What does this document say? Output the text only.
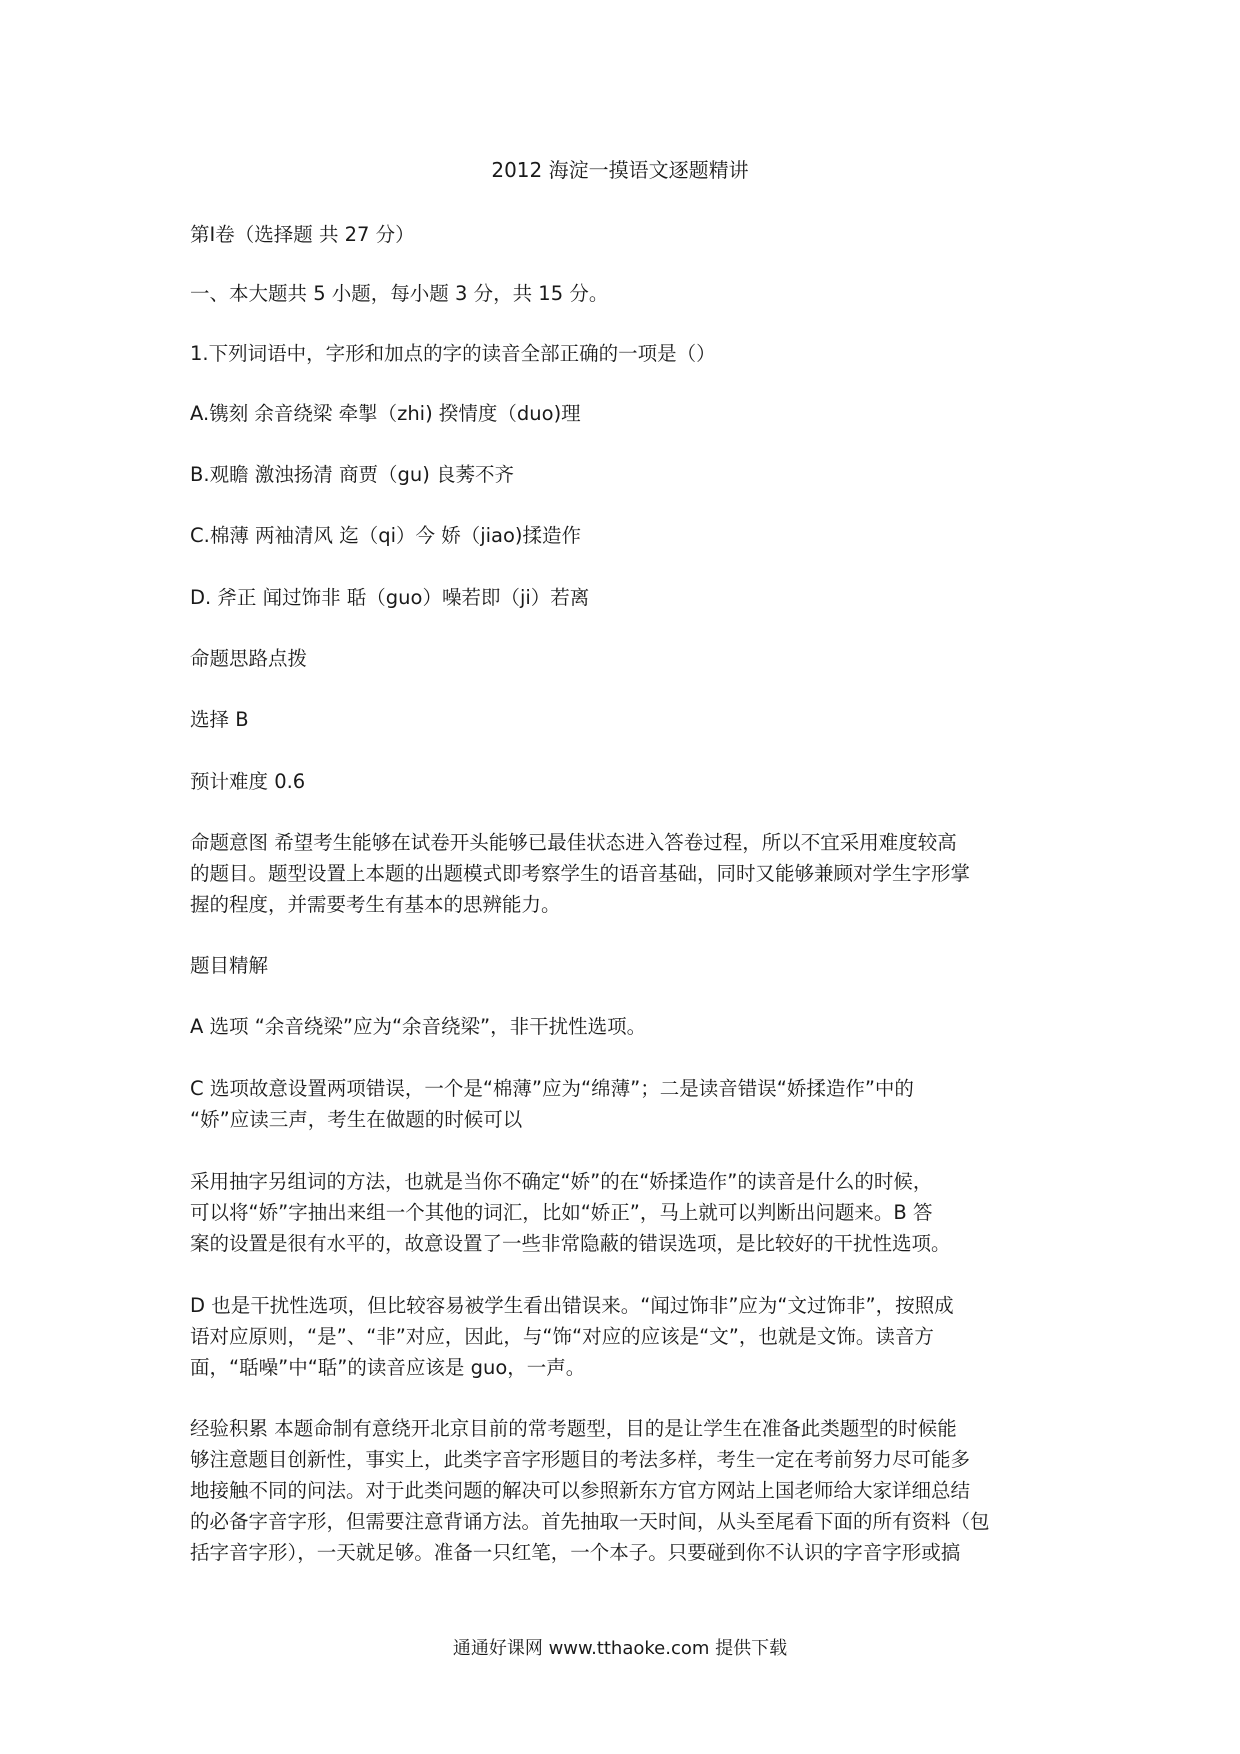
2012 海淀一摸语文逐题精讲
第Ⅰ卷（选择题 共 27 分）
一、本大题共 5 小题，每小题 3 分，共 15 分。
1.下列词语中，字形和加点的字的读音全部正确的一项是（）
A.镌刻 余音绕梁 牵掣（zhi) 揆情度（duo)理
B.观瞻 激浊扬清 商贾（gu) 良莠不齐
C.棉薄 两袖清风 迄（qi）今 娇（jiao)揉造作
D. 斧正 闻过饰非 聒（guo）噪若即（ji）若离
命题思路点拨
选择 B
预计难度 0.6
命题意图 希望考生能够在试卷开头能够已最佳状态进入答卷过程，所以不宜采用难度较高
的题目。题型设置上本题的出题模式即考察学生的语音基础，同时又能够兼顾对学生字形掌
握的程度，并需要考生有基本的思辨能力。
题目精解
A 选项 “余音绕梁”应为“余音绕梁”，非干扰性选项。
C 选项故意设置两项错误，一个是“棉薄”应为“绵薄”；二是读音错误“娇揉造作”中的
“娇”应读三声，考生在做题的时候可以
采用抽字另组词的方法，也就是当你不确定“娇”的在“娇揉造作”的读音是什么的时候，
可以将“娇”字抽出来组一个其他的词汇，比如“娇正”，马上就可以判断出问题来。B 答
案的设置是很有水平的，故意设置了一些非常隐蔽的错误选项，是比较好的干扰性选项。
D 也是干扰性选项，但比较容易被学生看出错误来。“闻过饰非”应为“文过饰非”，按照成
语对应原则，“是”、“非”对应，因此，与“饰“对应的应该是“文”，也就是文饰。读音方
面，“聒噪”中“聒”的读音应该是 guo，一声。
经验积累 本题命制有意绕开北京目前的常考题型，目的是让学生在准备此类题型的时候能
够注意题目创新性，事实上，此类字音字形题目的考法多样，考生一定在考前努力尽可能多
地接触不同的问法。对于此类问题的解决可以参照新东方官方网站上国老师给大家详细总结
的必备字音字形，但需要注意背诵方法。首先抽取一天时间，从头至尾看下面的所有资料（包
括字音字形），一天就足够。准备一只红笔，一个本子。只要碰到你不认识的字音字形或搞
通通好课网 www.tthaoke.com 提供下载
